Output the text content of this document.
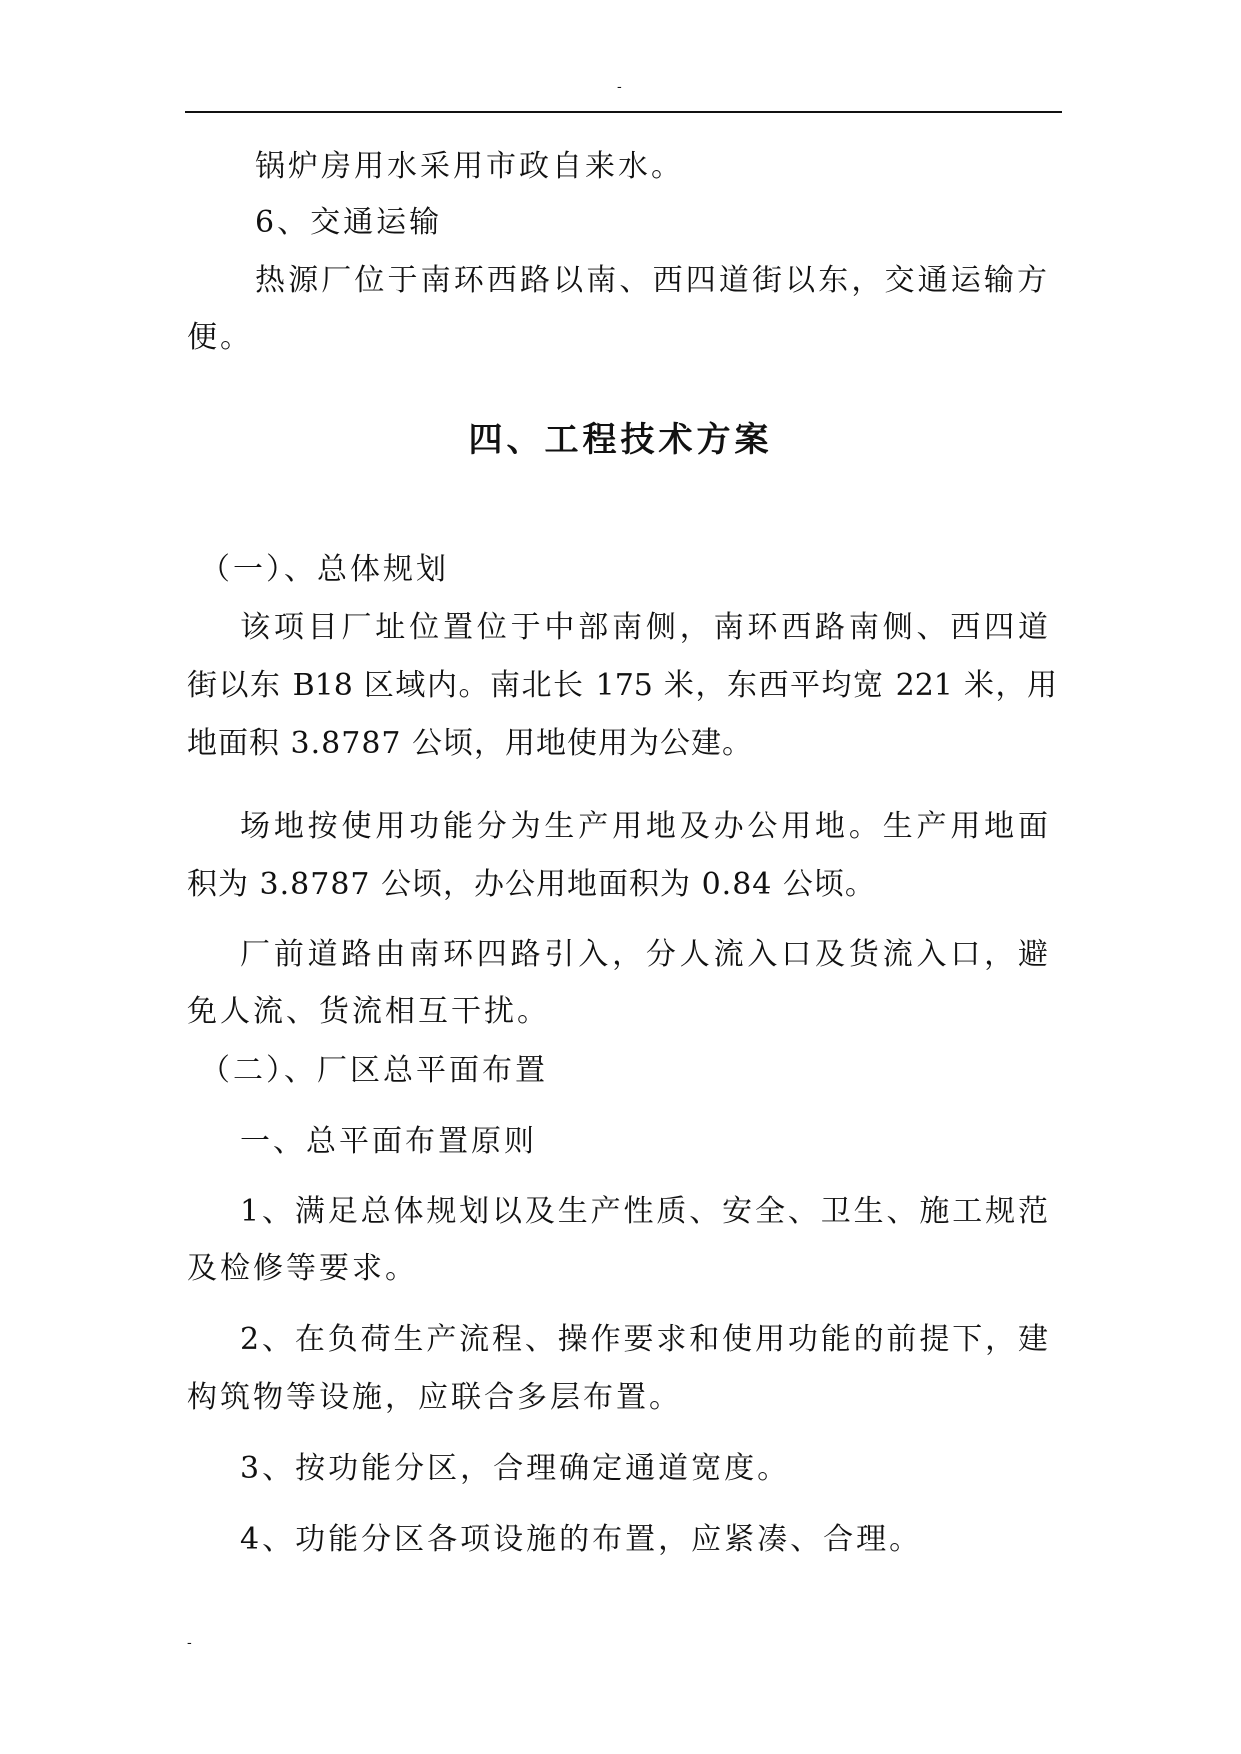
-
锅炉房用水采用市政自来水。
6、交通运输
热源厂位于南环西路以南、西四道街以东，交通运输方
便。
四、工程技术方案
（一）、总体规划
该项目厂址位置位于中部南侧，南环西路南侧、西四道
街以东 B18 区域内。南北长 175 米，东西平均宽 221 米，用
地面积 3.8787 公顷，用地使用为公建。
场地按使用功能分为生产用地及办公用地。生产用地面
积为 3.8787 公顷，办公用地面积为 0.84 公顷。
厂前道路由南环四路引入，分人流入口及货流入口，避
免人流、货流相互干扰。
（二）、厂区总平面布置
一、总平面布置原则
1、满足总体规划以及生产性质、安全、卫生、施工规范
及检修等要求。
2、在负荷生产流程、操作要求和使用功能的前提下，建
构筑物等设施，应联合多层布置。
3、按功能分区，合理确定通道宽度。
4、功能分区各项设施的布置，应紧凑、合理。
-
